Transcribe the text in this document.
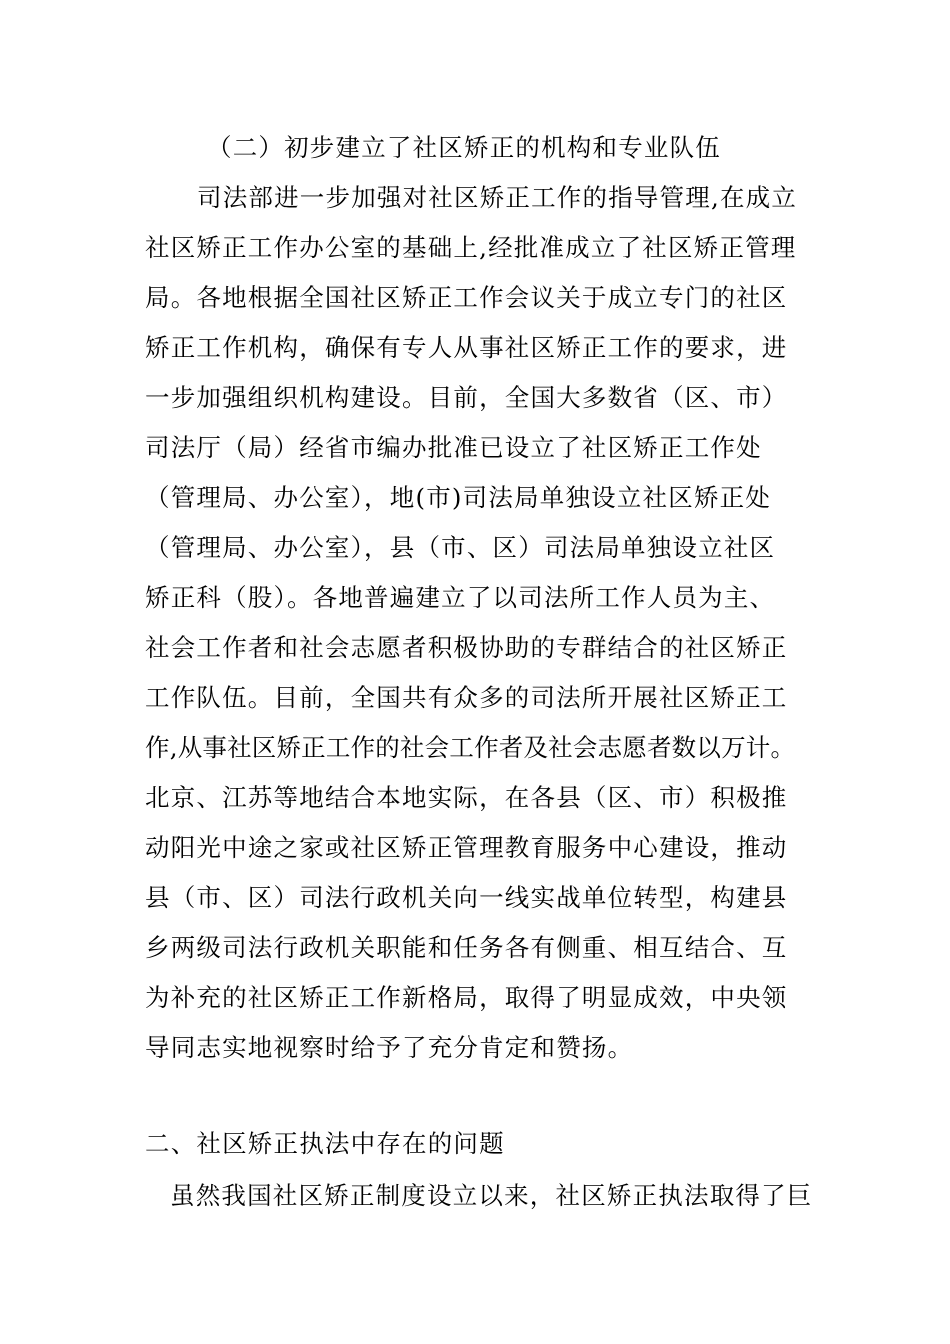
（二）初步建立了社区矫正的机构和专业队伍
司法部进一步加强对社区矫正工作的指导管理,在成立
社区矫正工作办公室的基础上,经批准成立了社区矫正管理
局。各地根据全国社区矫正工作会议关于成立专门的社区
矫正工作机构，确保有专人从事社区矫正工作的要求，进
一步加强组织机构建设。目前，全国大多数省（区、市）
司法厅（局）经省市编办批准已设立了社区矫正工作处
（管理局、办公室），地(市)司法局单独设立社区矫正处
（管理局、办公室），县（市、区）司法局单独设立社区
矫正科（股）。各地普遍建立了以司法所工作人员为主、
社会工作者和社会志愿者积极协助的专群结合的社区矫正
工作队伍。目前，全国共有众多的司法所开展社区矫正工
作,从事社区矫正工作的社会工作者及社会志愿者数以万计。
北京、江苏等地结合本地实际，在各县（区、市）积极推
动阳光中途之家或社区矫正管理教育服务中心建设，推动
县（市、区）司法行政机关向一线实战单位转型，构建县
乡两级司法行政机关职能和任务各有侧重、相互结合、互
为补充的社区矫正工作新格局，取得了明显成效，中央领
导同志实地视察时给予了充分肯定和赞扬。
二、社区矫正执法中存在的问题
虽然我国社区矫正制度设立以来，社区矫正执法取得了巨
